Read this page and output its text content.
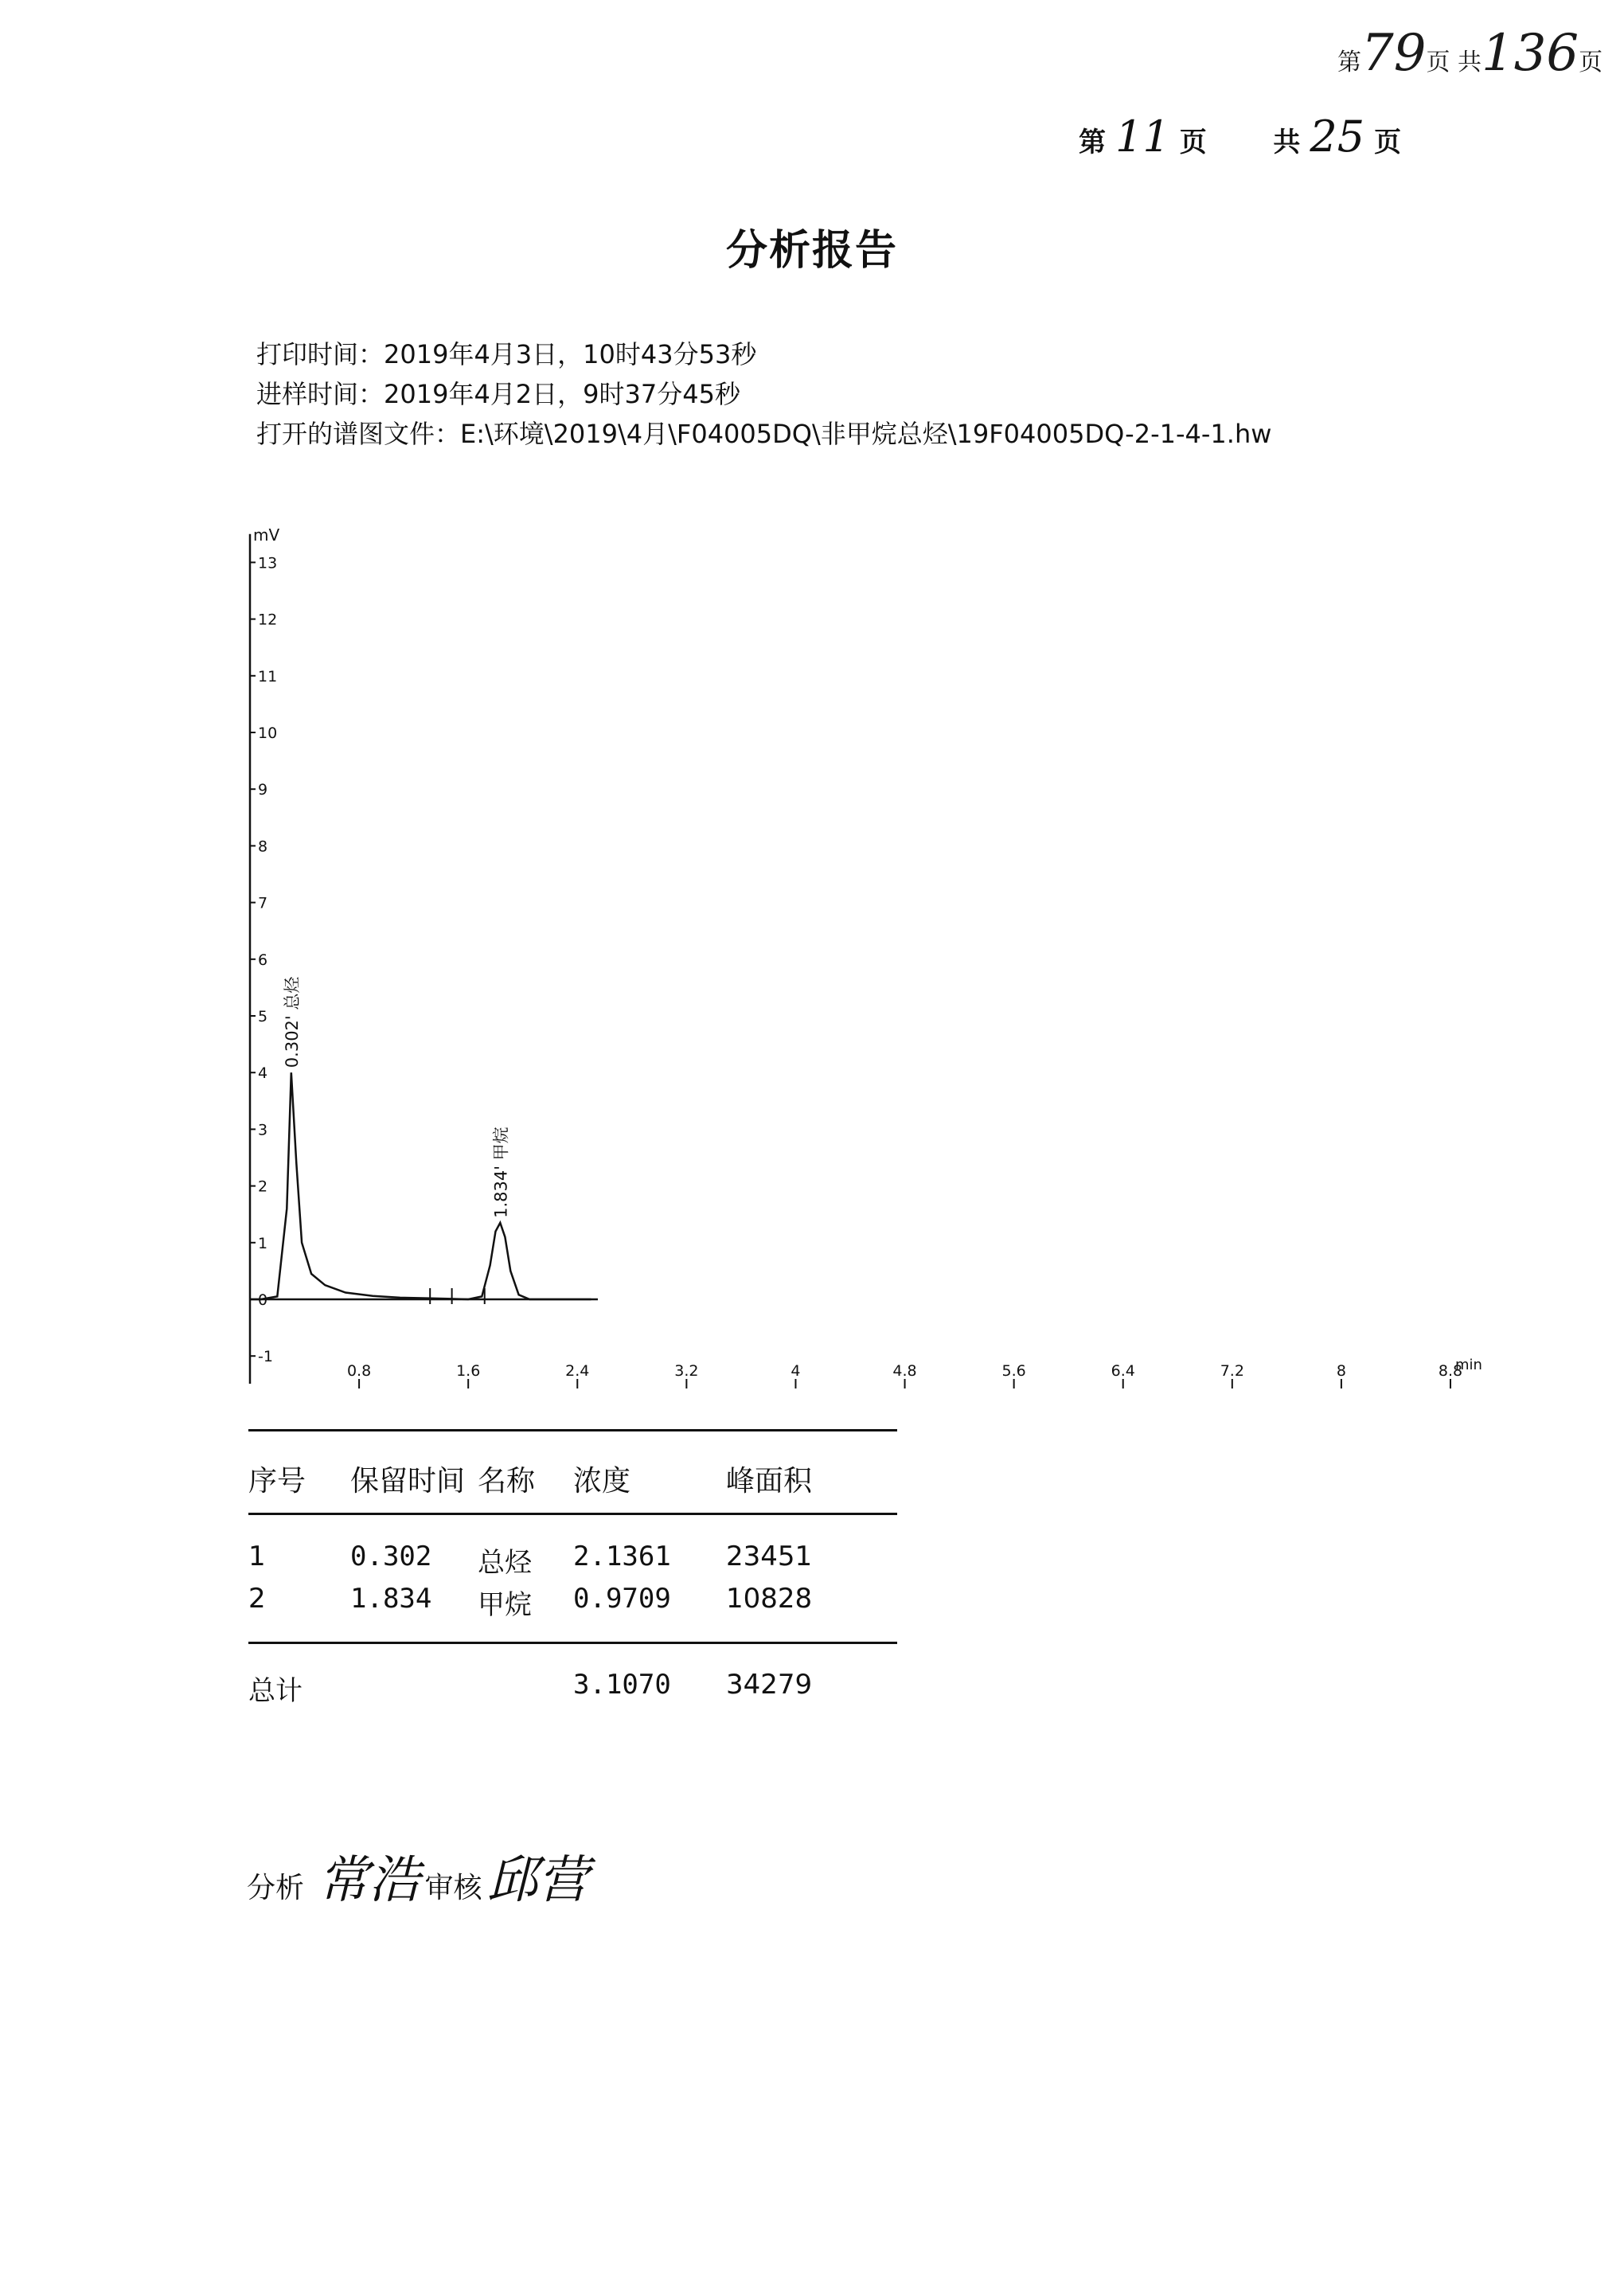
第79页 共136页
第 11 页 共 25 页
分析报告
打印时间：2019年4月3日，10时43分53秒
进样时间：2019年4月2日，9时37分45秒
打开的谱图文件：E:\环境\2019\4月\F04005DQ\非甲烷总烃\19F04005DQ-2-1-4-1.hw
-1
0
1
2
3
4
5
6
7
8
9
10
11
12
13
0.8	1.6	2.4	3.2	4	4.8	5.6	6.4	7.2	8	8.8
mV
min
0.302' 总烃
1.834' 甲烷
序号 保留时间 名称 浓度	峰面积
1	0.302 总烃 2.1361 23451
2	1.834 甲烷 0.9709 10828
总计	3.1070 34279
分析 常浩 审核邱营
